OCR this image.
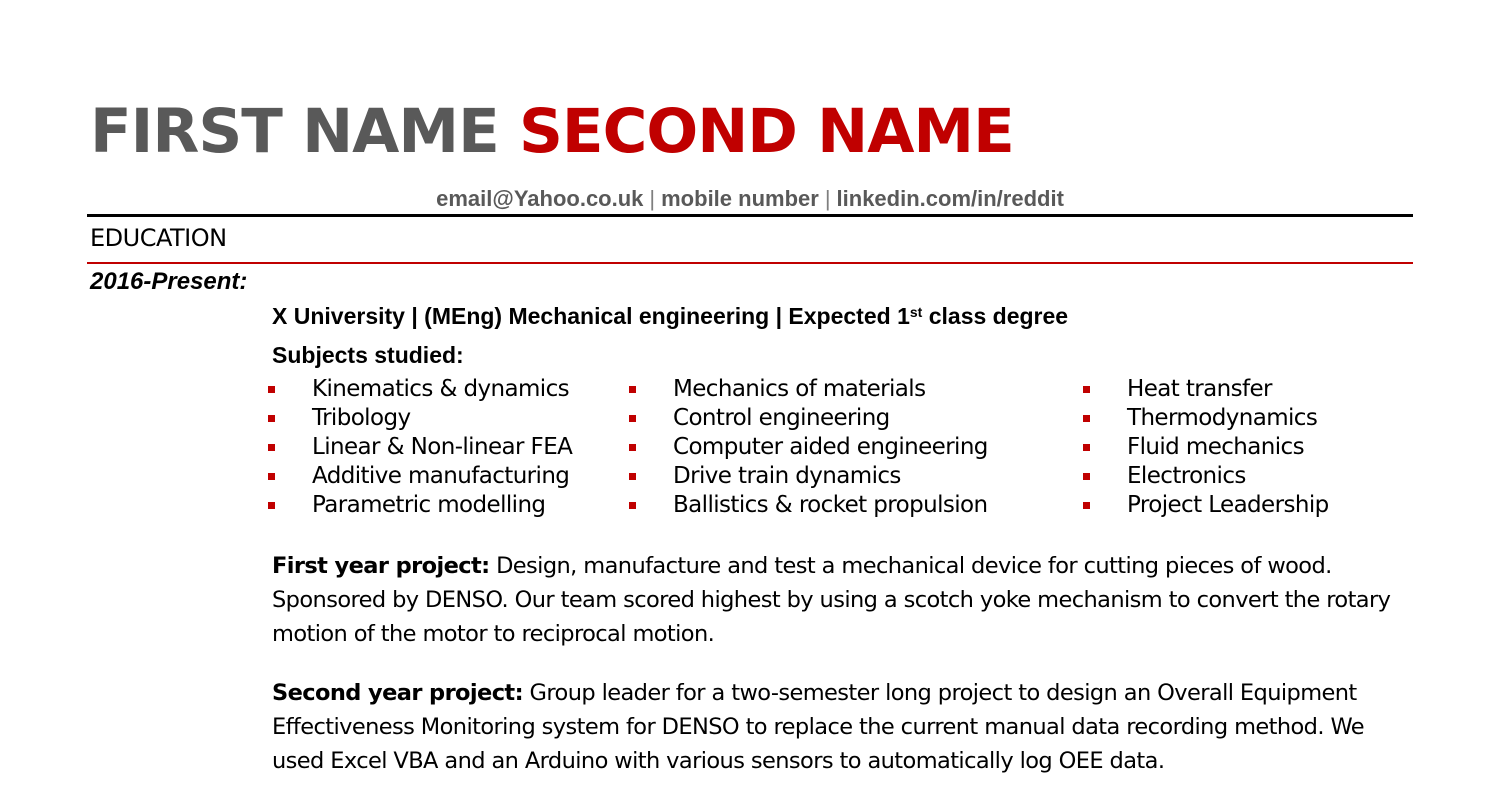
FIRST NAME SECOND NAME
email@Yahoo.co.uk | mobile number | linkedin.com/in/reddit
EDUCATION
2016-Present:
X University | (MEng) Mechanical engineering | Expected 1st class degree
Subjects studied:
Kinematics & dynamics
Tribology
Linear & Non-linear FEA
Additive manufacturing
Parametric modelling
Mechanics of materials
Control engineering
Computer aided engineering
Drive train dynamics
Ballistics & rocket propulsion
Heat transfer
Thermodynamics
Fluid mechanics
Electronics
Project Leadership
First year project: Design, manufacture and test a mechanical device for cutting pieces of wood. Sponsored by DENSO. Our team scored highest by using a scotch yoke mechanism to convert the rotary motion of the motor to reciprocal motion.
Second year project: Group leader for a two-semester long project to design an Overall Equipment Effectiveness Monitoring system for DENSO to replace the current manual data recording method. We used Excel VBA and an Arduino with various sensors to automatically log OEE data.
